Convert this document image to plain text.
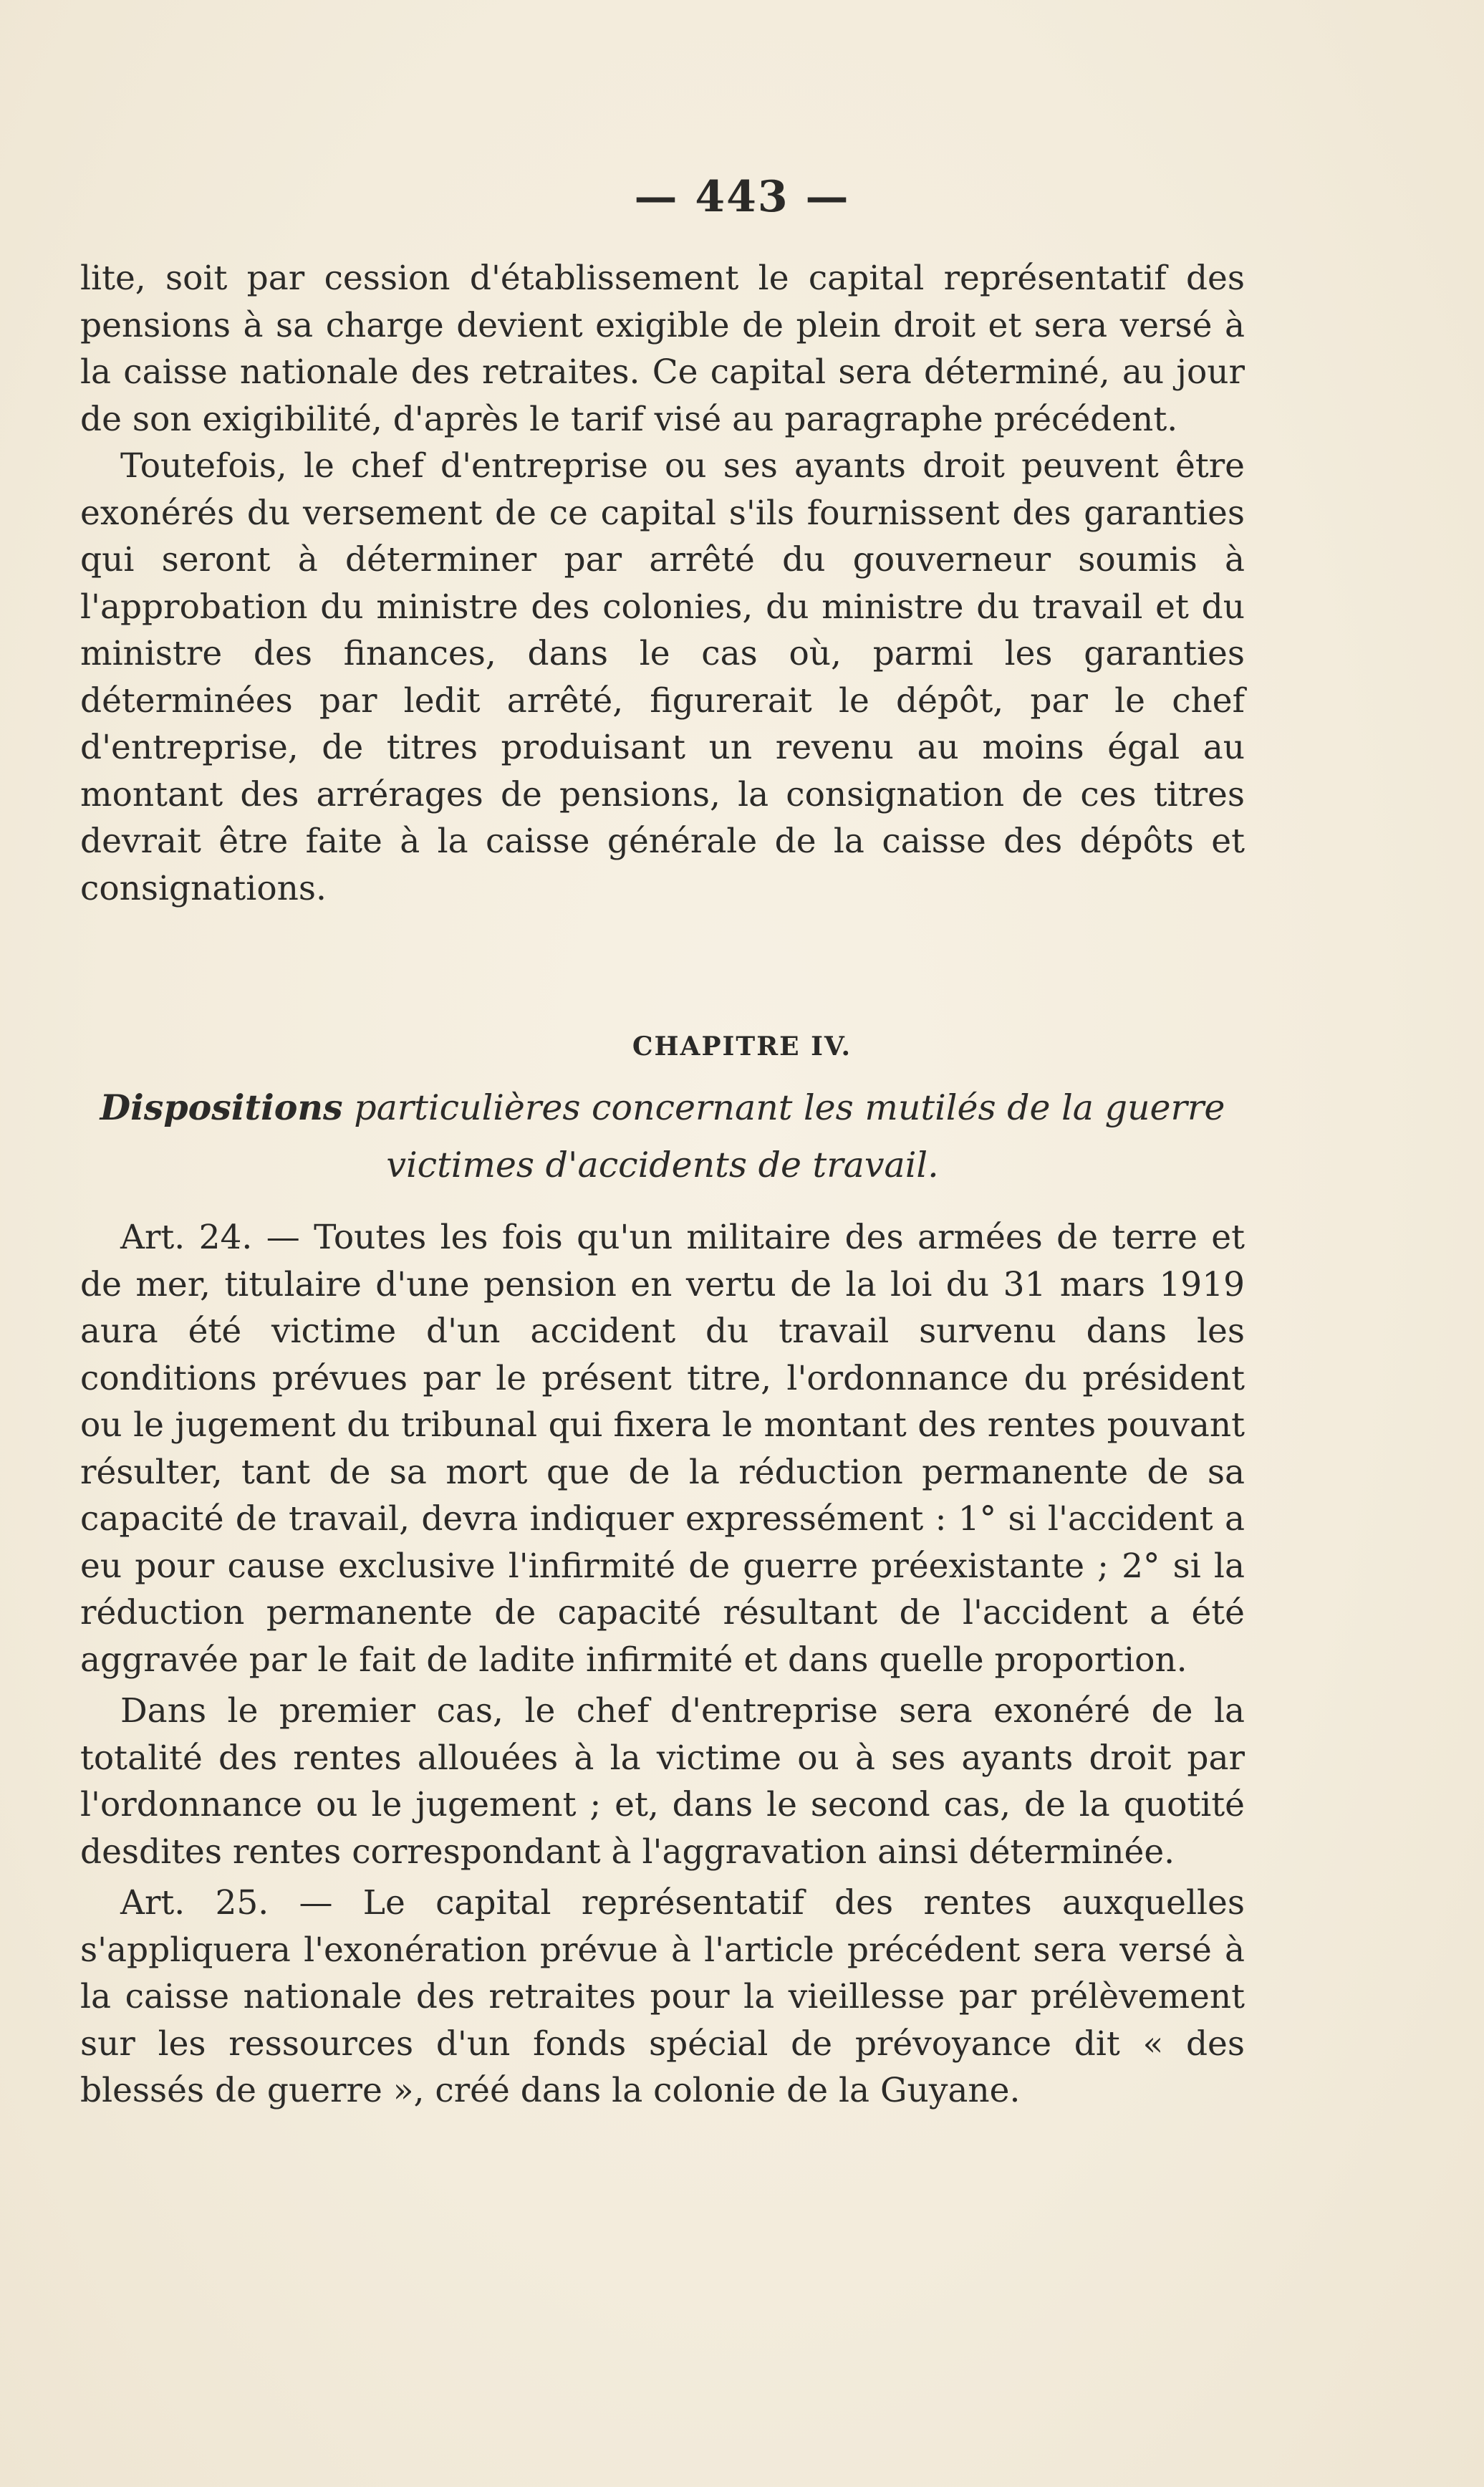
— 443 —

lite, soit par cession d'établissement le capital représentatif des pensions à sa charge devient exigible de plein droit et sera versé à la caisse nationale des retraites. Ce capital sera déterminé, au jour de son exigibilité, d'après le tarif visé au paragraphe précédent.

Toutefois, le chef d'entreprise ou ses ayants droit peuvent être exonérés du versement de ce capital s'ils fournissent des garanties qui seront à déterminer par arrêté du gouverneur soumis à l'approbation du ministre des colonies, du ministre du travail et du ministre des finances, dans le cas où, parmi les garanties déterminées par ledit arrêté, figurerait le dépôt, par le chef d'entreprise, de titres produisant un revenu au moins égal au montant des arrérages de pensions, la consignation de ces titres devrait être faite à la caisse générale de la caisse des dépôts et consignations.

CHAPITRE IV.
Dispositions particulières concernant les mutilés de la guerre
victimes d'accidents de travail.

Art. 24. — Toutes les fois qu'un militaire des armées de terre et de mer, titulaire d'une pension en vertu de la loi du 31 mars 1919 aura été victime d'un accident du travail survenu dans les conditions prévues par le présent titre, l'ordonnance du président ou le jugement du tribunal qui fixera le montant des rentes pouvant résulter, tant de sa mort que de la réduction permanente de sa capacité de travail, devra indiquer expressément : 1° si l'accident a eu pour cause exclusive l'infirmité de guerre préexistante ; 2° si la réduction permanente de capacité résultant de l'accident a été aggravée par le fait de ladite infirmité et dans quelle proportion.

Dans le premier cas, le chef d'entreprise sera exonéré de la totalité des rentes allouées à la victime ou à ses ayants droit par l'ordonnance ou le jugement ; et, dans le second cas, de la quotité desdites rentes correspondant à l'aggravation ainsi déterminée.

Art. 25. — Le capital représentatif des rentes auxquelles s'appliquera l'exonération prévue à l'article précédent sera versé à la caisse nationale des retraites pour la vieillesse par prélèvement sur les ressources d'un fonds spécial de prévoyance dit « des blessés de guerre », créé dans la colonie de la Guyane.
